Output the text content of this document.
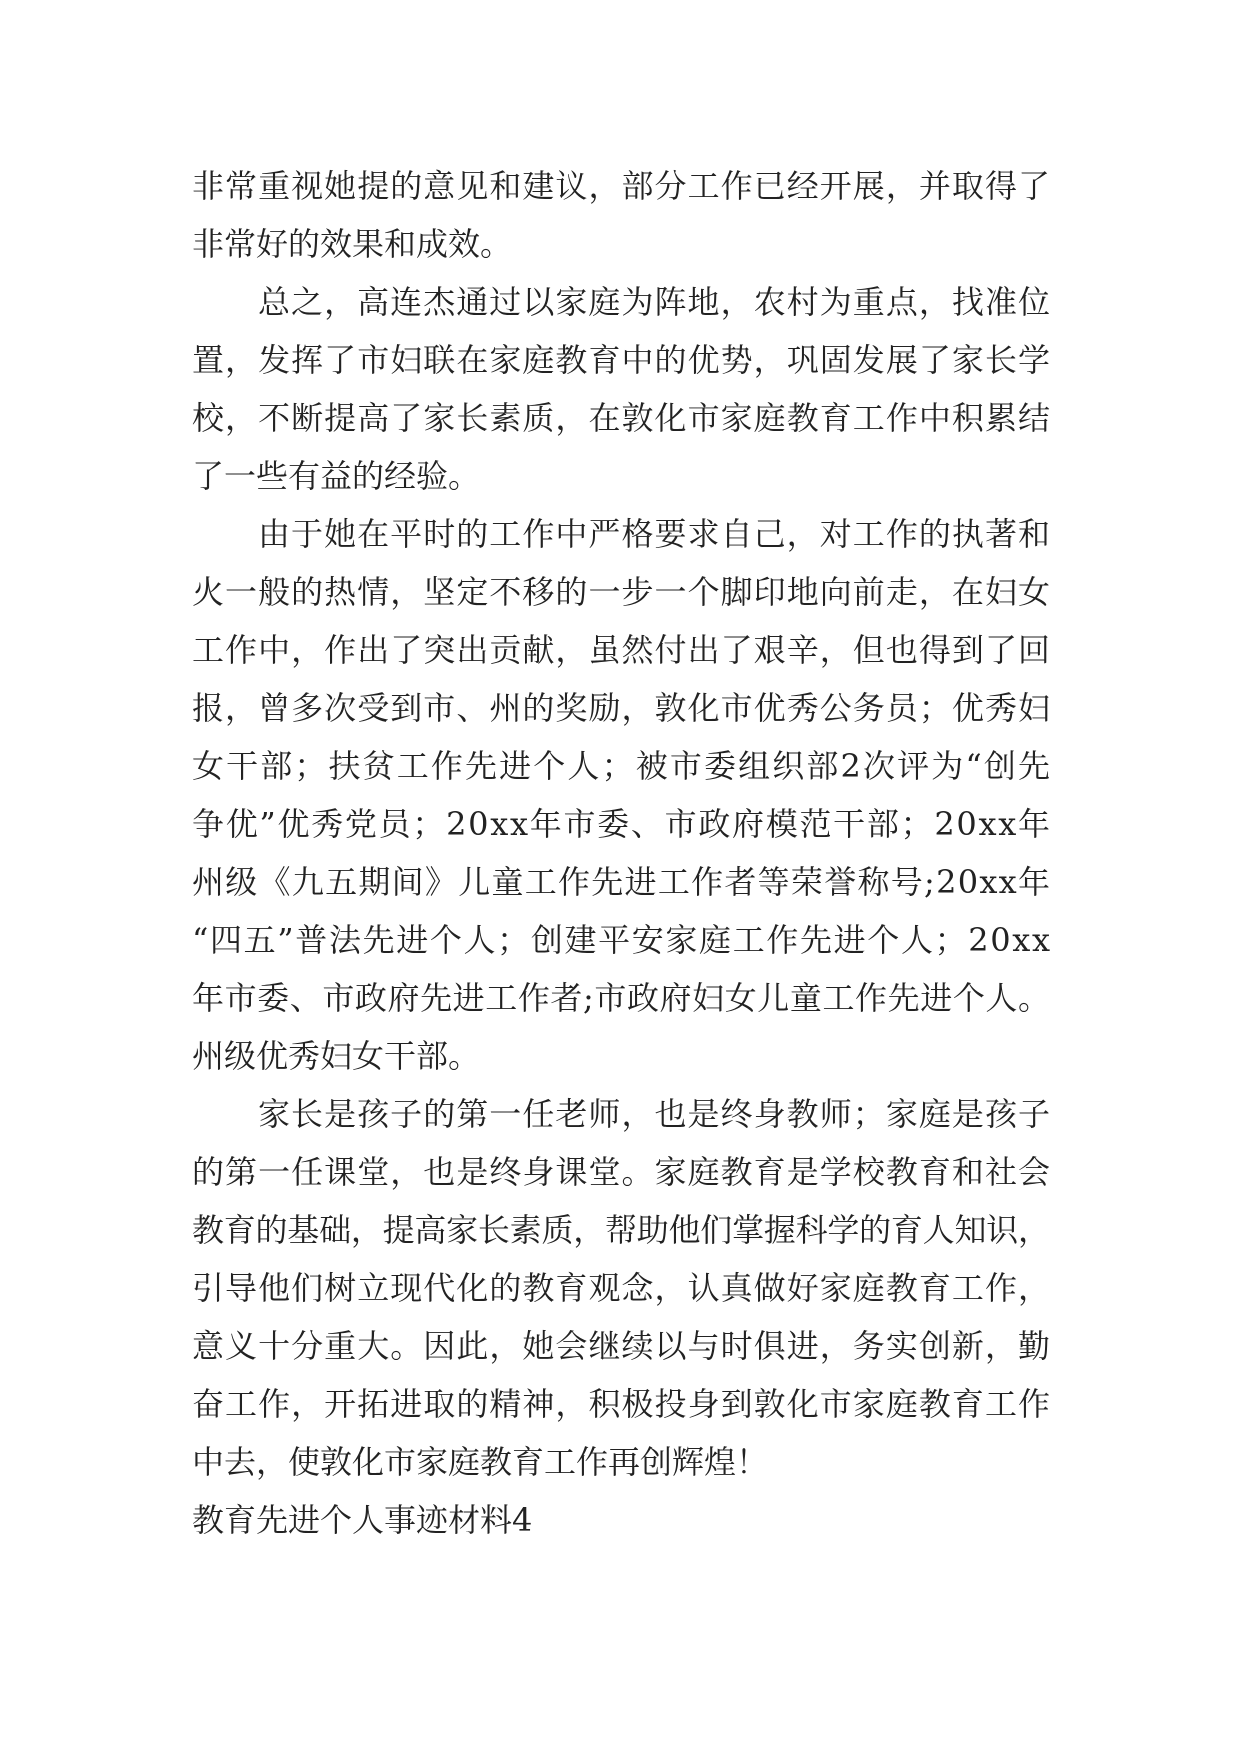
非常重视她提的意见和建议，部分工作已经开展，并取得了
非常好的效果和成效。
总之，高连杰通过以家庭为阵地，农村为重点，找准位
置，发挥了市妇联在家庭教育中的优势，巩固发展了家长学
校，不断提高了家长素质，在敦化市家庭教育工作中积累结
了一些有益的经验。
由于她在平时的工作中严格要求自己，对工作的执著和
火一般的热情，坚定不移的一步一个脚印地向前走，在妇女
工作中，作出了突出贡献，虽然付出了艰辛，但也得到了回
报，曾多次受到市、州的奖励，敦化市优秀公务员；优秀妇
女干部；扶贫工作先进个人；被市委组织部2次评为“创先
争优”优秀党员；20xx年市委、市政府模范干部；20xx年
州级《九五期间》儿童工作先进工作者等荣誉称号;20xx年
“四五”普法先进个人；创建平安家庭工作先进个人；20xx
年市委、市政府先进工作者;市政府妇女儿童工作先进个人。
州级优秀妇女干部。
家长是孩子的第一任老师，也是终身教师；家庭是孩子
的第一任课堂，也是终身课堂。家庭教育是学校教育和社会
教育的基础，提高家长素质，帮助他们掌握科学的育人知识，
引导他们树立现代化的教育观念，认真做好家庭教育工作，
意义十分重大。因此，她会继续以与时俱进，务实创新，勤
奋工作，开拓进取的精神，积极投身到敦化市家庭教育工作
中去，使敦化市家庭教育工作再创辉煌！
教育先进个人事迹材料4
